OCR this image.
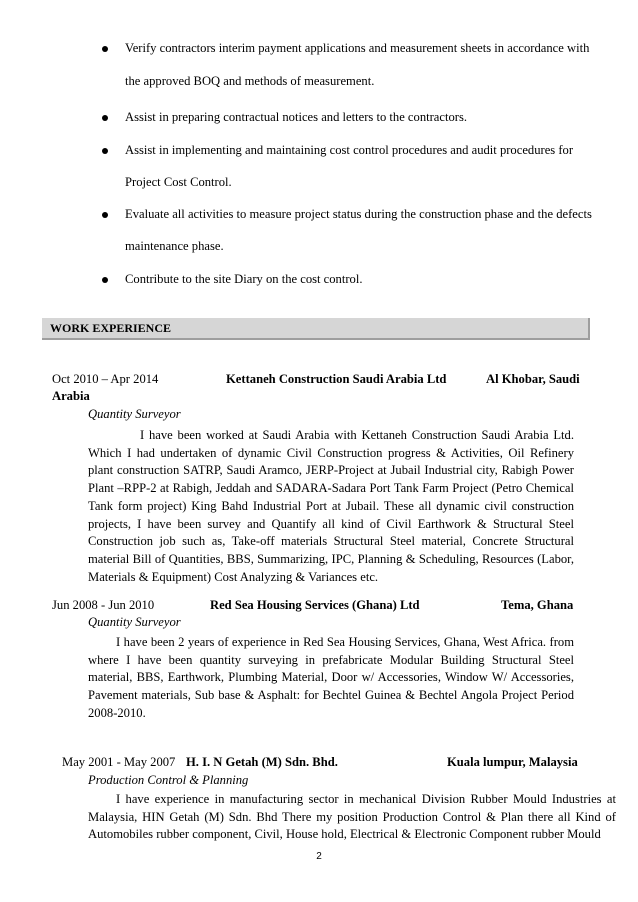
Verify contractors interim payment applications and measurement sheets in accordance with
the approved BOQ and methods of measurement.
Assist in preparing contractual notices and letters to the contractors.
Assist in implementing and maintaining cost control procedures and audit procedures for
Project Cost Control.
Evaluate all activities to measure project status during the construction phase and the defects
maintenance phase.
Contribute to the site Diary on the cost control.
WORK EXPERIENCE
Oct 2010 – Apr 2014	Kettaneh Construction Saudi Arabia Ltd	Al Khobar, Saudi
Arabia
Quantity Surveyor

I have been worked at Saudi Arabia with Kettaneh Construction Saudi Arabia Ltd. Which I had undertaken of dynamic Civil Construction progress & Activities, Oil Refinery plant construction SATRP, Saudi Aramco, JERP-Project at Jubail Industrial city, Rabigh Power Plant –RPP-2 at Rabigh, Jeddah and SADARA-Sadara Port Tank Farm Project (Petro Chemical Tank form project) King Bahd Industrial Port at Jubail. These all dynamic civil construction projects, I have been survey and Quantify all kind of Civil Earthwork & Structural Steel Construction job such as, Take-off materials Structural Steel material, Concrete Structural material Bill of Quantities, BBS, Summarizing, IPC, Planning & Scheduling, Resources (Labor, Materials & Equipment) Cost Analyzing & Variances etc.

Jun 2008 - Jun 2010	Red Sea Housing Services (Ghana) Ltd	Tema, Ghana
Quantity Surveyor

I have been 2 years of experience in Red Sea Housing Services, Ghana, West Africa. from where I have been quantity surveying in prefabricate Modular Building Structural Steel material, BBS, Earthwork, Plumbing Material, Door w/ Accessories, Window W/ Accessories, Pavement materials, Sub base & Asphalt: for Bechtel Guinea & Bechtel Angola Project Period 2008-2010.

May 2001 - May 2007 H. I. N Getah (M) Sdn. Bhd.	Kuala lumpur, Malaysia
Production Control & Planning

I have experience in manufacturing sector in mechanical Division Rubber Mould Industries at Malaysia, HIN Getah (M) Sdn. Bhd There my position Production Control & Plan there all Kind of Automobiles rubber component, Civil, House hold, Electrical & Electronic Component rubber Mould

2
